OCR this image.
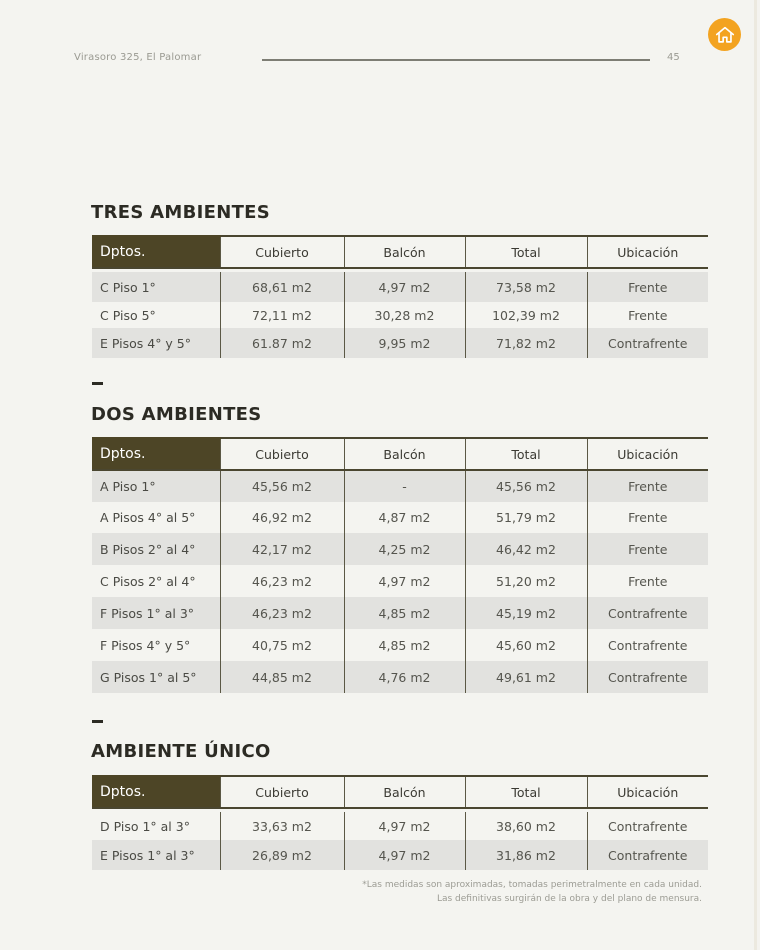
Virasoro 325, El Palomar	45
TRES AMBIENTES
Dptos.	Cubierto	Balcón	Total	Ubicación

C Piso 1°	68,61 m2	4,97 m2	73,58 m2	Frente
C Piso 5°	72,11 m2	30,28 m2	102,39 m2	Frente
E Pisos 4° y 5°	61.87 m2	9,95 m2	71,82 m2	Contrafrente
DOS AMBIENTES
Dptos.	Cubierto	Balcón	Total	Ubicación
A Piso 1°	45,56 m2	-	45,56 m2	Frente
A Pisos 4° al 5°	46,92 m2	4,87 m2	51,79 m2	Frente
B Pisos 2° al 4°	42,17 m2	4,25 m2	46,42 m2	Frente
C Pisos 2° al 4°	46,23 m2	4,97 m2	51,20 m2	Frente
F Pisos 1° al 3°	46,23 m2	4,85 m2	45,19 m2	Contrafrente
F Pisos 4° y 5°	40,75 m2	4,85 m2	45,60 m2	Contrafrente
G Pisos 1° al 5°	44,85 m2	4,76 m2	49,61 m2	Contrafrente
AMBIENTE ÚNICO
Dptos.	Cubierto	Balcón	Total	Ubicación

D Piso 1° al 3°	33,63 m2	4,97 m2	38,60 m2	Contrafrente
E Pisos 1° al 3°	26,89 m2	4,97 m2	31,86 m2	Contrafrente
*Las medidas son aproximadas, tomadas perimetralmente en cada unidad.
Las definitivas surgirán de la obra y del plano de mensura.
